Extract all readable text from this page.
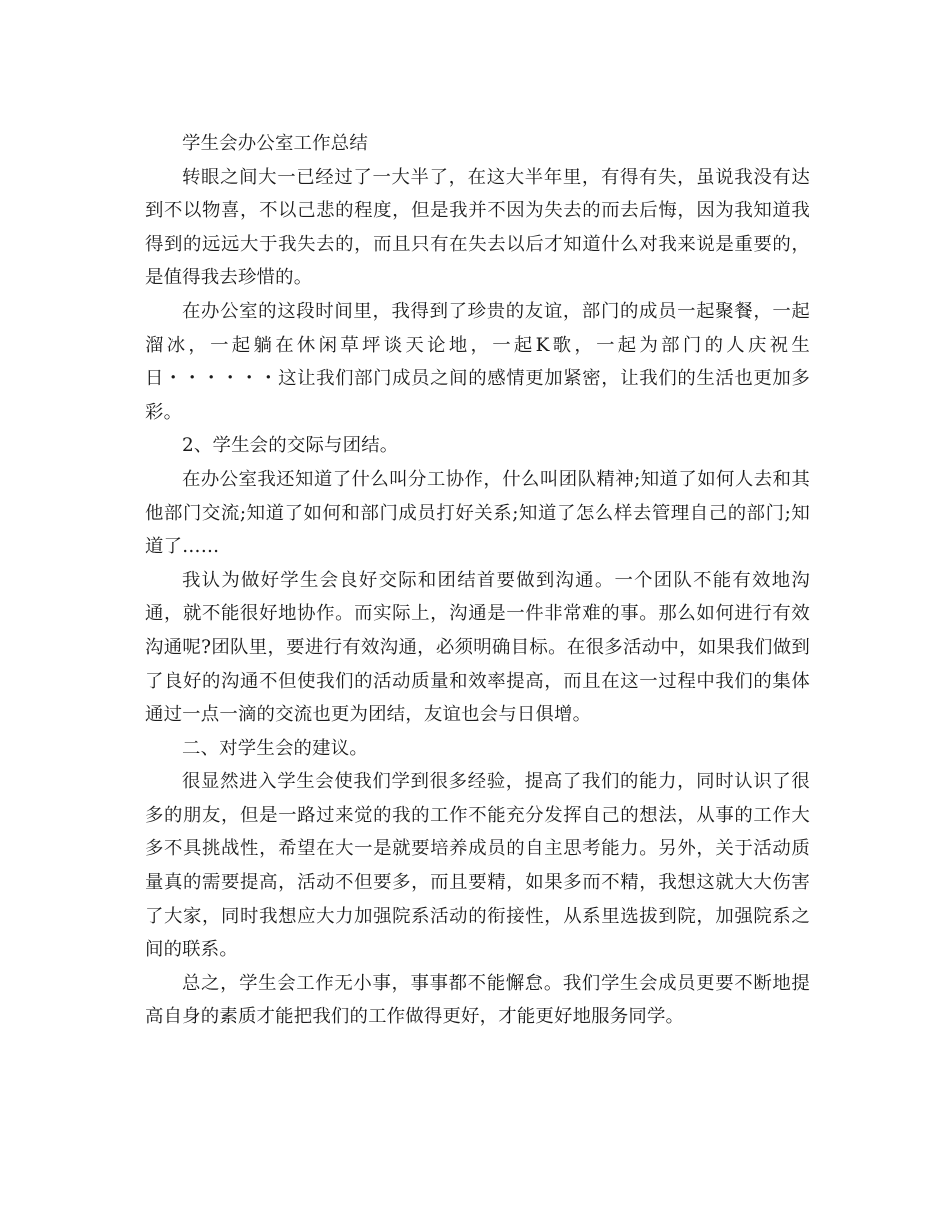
学生会办公室工作总结

转眼之间大一已经过了一大半了，在这大半年里，有得有失，虽说我没有达到不以物喜，不以己悲的程度，但是我并不因为失去的而去后悔，因为我知道我得到的远远大于我失去的，而且只有在失去以后才知道什么对我来说是重要的，是值得我去珍惜的。

在办公室的这段时间里，我得到了珍贵的友谊，部门的成员一起聚餐，一起溜冰，一起躺在休闲草坪谈天论地，一起K歌，一起为部门的人庆祝生日・・・・・・这让我们部门成员之间的感情更加紧密，让我们的生活也更加多彩。

2、学生会的交际与团结。

在办公室我还知道了什么叫分工协作，什么叫团队精神;知道了如何人去和其他部门交流;知道了如何和部门成员打好关系;知道了怎么样去管理自己的部门;知道了……

我认为做好学生会良好交际和团结首要做到沟通。一个团队不能有效地沟通，就不能很好地协作。而实际上，沟通是一件非常难的事。那么如何进行有效沟通呢?团队里，要进行有效沟通，必须明确目标。在很多活动中，如果我们做到了良好的沟通不但使我们的活动质量和效率提高，而且在这一过程中我们的集体通过一点一滴的交流也更为团结，友谊也会与日俱增。

二、对学生会的建议。

很显然进入学生会使我们学到很多经验，提高了我们的能力，同时认识了很多的朋友，但是一路过来觉的我的工作不能充分发挥自己的想法，从事的工作大多不具挑战性，希望在大一是就要培养成员的自主思考能力。另外，关于活动质量真的需要提高，活动不但要多，而且要精，如果多而不精，我想这就大大伤害了大家，同时我想应大力加强院系活动的衔接性，从系里选拔到院，加强院系之间的联系。

总之，学生会工作无小事，事事都不能懈怠。我们学生会成员更要不断地提高自身的素质才能把我们的工作做得更好，才能更好地服务同学。
